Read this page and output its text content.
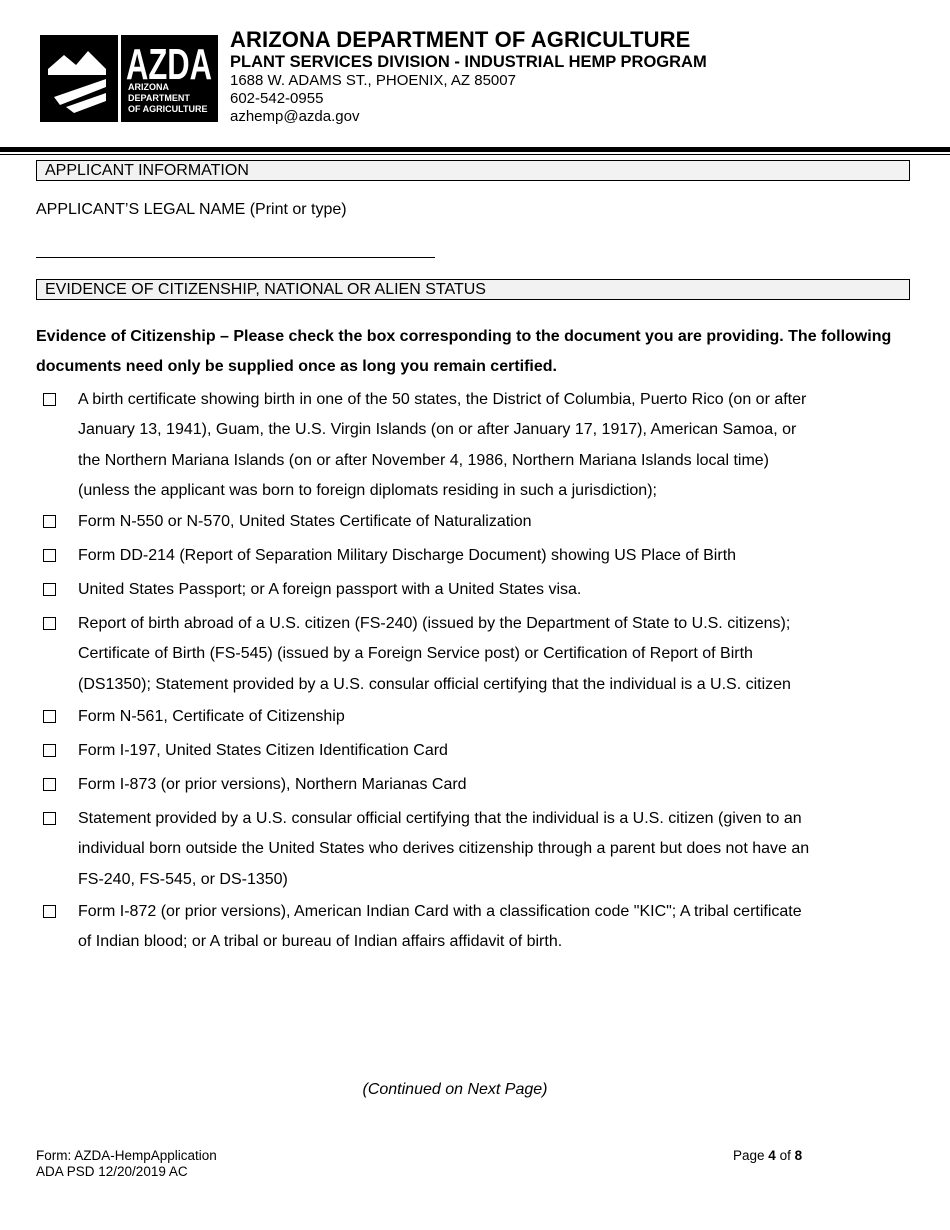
AZDA
ARIZONA
DEPARTMENT
OF AGRICULTURE
ARIZONA DEPARTMENT OF AGRICULTURE
PLANT SERVICES DIVISION - INDUSTRIAL HEMP PROGRAM
1688 W. ADAMS ST., PHOENIX, AZ 85007
602-542-0955
azhemp@azda.gov
APPLICANT INFORMATION
APPLICANT’S LEGAL NAME (Print or type)
EVIDENCE OF CITIZENSHIP, NATIONAL OR ALIEN STATUS
Evidence of Citizenship – Please check the box corresponding to the document you are providing. The following documents need only be supplied once as long you remain certified.
A birth certificate showing birth in one of the 50 states, the District of Columbia, Puerto Rico (on or after
January 13, 1941), Guam, the U.S. Virgin Islands (on or after January 17, 1917), American Samoa, or
the Northern Mariana Islands (on or after November 4, 1986, Northern Mariana Islands local time)
(unless the applicant was born to foreign diplomats residing in such a jurisdiction);
Form N-550 or N-570, United States Certificate of Naturalization
Form DD-214 (Report of Separation Military Discharge Document) showing US Place of Birth
United States Passport; or A foreign passport with a United States visa.
Report of birth abroad of a U.S. citizen (FS-240) (issued by the Department of State to U.S. citizens);
Certificate of Birth (FS-545) (issued by a Foreign Service post) or Certification of Report of Birth
(DS1350); Statement provided by a U.S. consular official certifying that the individual is a U.S. citizen
Form N-561, Certificate of Citizenship
Form I-197, United States Citizen Identification Card
Form I-873 (or prior versions), Northern Marianas Card
Statement provided by a U.S. consular official certifying that the individual is a U.S. citizen (given to an
individual born outside the United States who derives citizenship through a parent but does not have an
FS-240, FS-545, or DS-1350)
Form I-872 (or prior versions), American Indian Card with a classification code "KIC"; A tribal certificate
of Indian blood; or A tribal or bureau of Indian affairs affidavit of birth.
(Continued on Next Page)
Form: AZDA-HempApplication
ADA PSD 12/20/2019 AC
Page 4 of 8
